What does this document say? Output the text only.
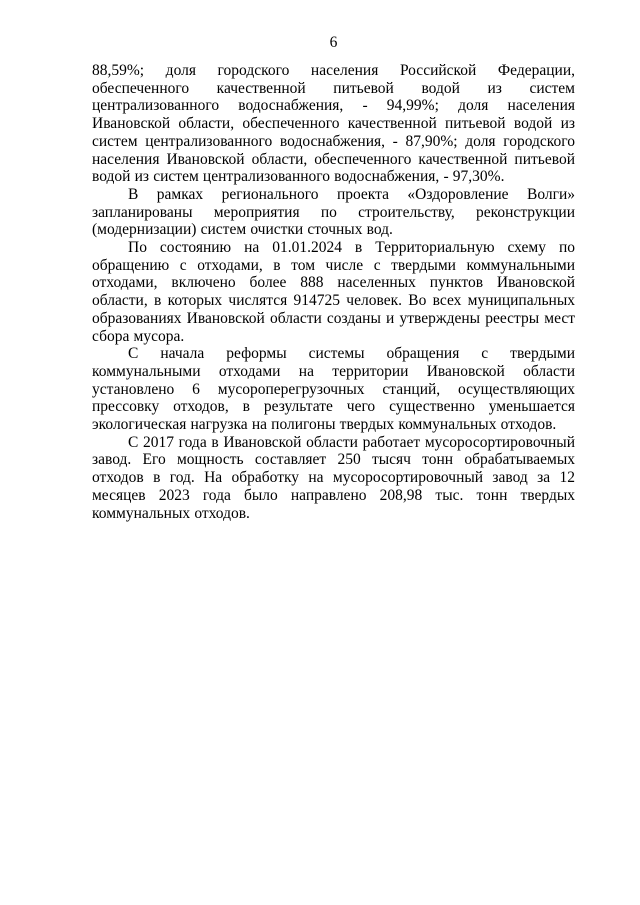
6

88,59%; доля городского населения Российской Федерации, обеспеченного качественной питьевой водой из систем централизованного водоснабжения, - 94,99%; доля населения Ивановской области, обеспеченного качественной питьевой водой из систем централизованного водоснабжения, - 87,90%; доля городского населения Ивановской области, обеспеченного качественной питьевой водой из систем централизованного водоснабжения, - 97,30%.

В рамках регионального проекта «Оздоровление Волги» запланированы мероприятия по строительству, реконструкции (модернизации) систем очистки сточных вод.

По состоянию на 01.01.2024 в Территориальную схему по обращению с отходами, в том числе с твердыми коммунальными отходами, включено более 888 населенных пунктов Ивановской области, в которых числятся 914725 человек. Во всех муниципальных образованиях Ивановской области созданы и утверждены реестры мест сбора мусора.

С начала реформы системы обращения с твердыми коммунальными отходами на территории Ивановской области установлено 6 мусороперегрузочных станций, осуществляющих прессовку отходов, в результате чего существенно уменьшается экологическая нагрузка на полигоны твердых коммунальных отходов.

С 2017 года в Ивановской области работает мусоросортировочный завод. Его мощность составляет 250 тысяч тонн обрабатываемых отходов в год. На обработку на мусоросортировочный завод за 12 месяцев 2023 года было направлено 208,98 тыс. тонн твердых коммунальных отходов.
